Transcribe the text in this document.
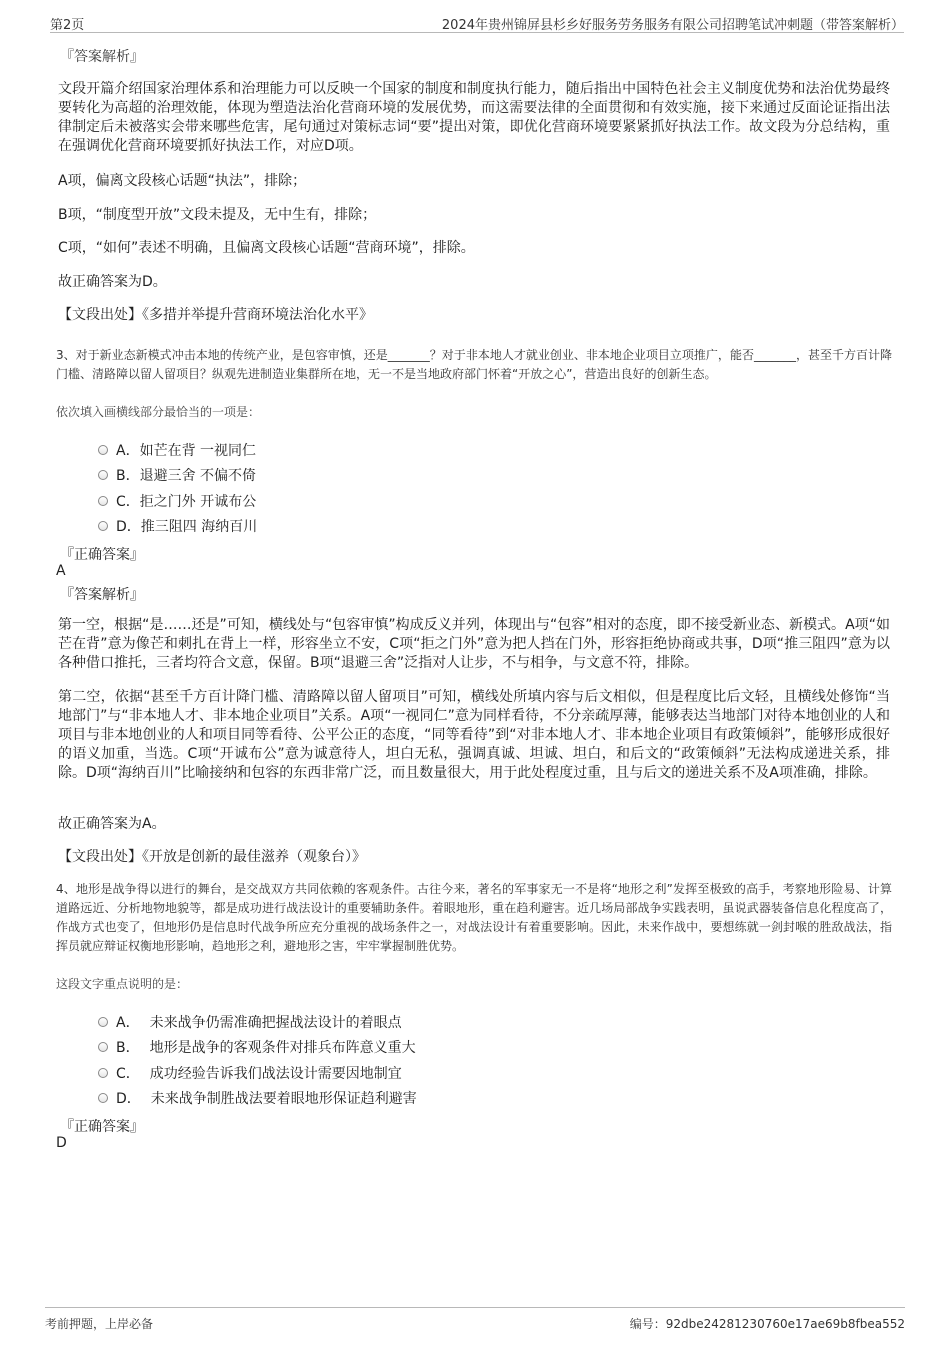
第2页	2024年贵州锦屏县杉乡好服务劳务服务有限公司招聘笔试冲刺题（带答案解析）
『答案解析』
文段开篇介绍国家治理体系和治理能力可以反映一个国家的制度和制度执行能力，随后指出中国特色社会主义制度优势和法治优势最终要转化为高超的治理效能，体现为塑造法治化营商环境的发展优势，而这需要法律的全面贯彻和有效实施，接下来通过反面论证指出法律制定后未被落实会带来哪些危害，尾句通过对策标志词“要”提出对策，即优化营商环境要紧紧抓好执法工作。故文段为分总结构，重在强调优化营商环境要抓好执法工作，对应D项。
A项，偏离文段核心话题“执法”，排除；
B项，“制度型开放”文段未提及，无中生有，排除；
C项，“如何”表述不明确，且偏离文段核心话题“营商环境”，排除。
故正确答案为D。
【文段出处】《多措并举提升营商环境法治化水平》
3、对于新业态新模式冲击本地的传统产业，是包容审慎，还是_______？对于非本地人才就业创业、非本地企业项目立项推广，能否_______，甚至千方百计降门槛、清路障以留人留项目？纵观先进制造业集群所在地，无一不是当地政府部门怀着“开放之心”，营造出良好的创新生态。
依次填入画横线部分最恰当的一项是：
A．如芒在背 一视同仁
B．退避三舍 不偏不倚
C．拒之门外 开诚布公
D．推三阻四 海纳百川
『正确答案』
A
『答案解析』
第一空，根据“是……还是”可知，横线处与“包容审慎”构成反义并列，体现出与“包容”相对的态度，即不接受新业态、新模式。A项“如芒在背”意为像芒和刺扎在背上一样，形容坐立不安，C项“拒之门外”意为把人挡在门外，形容拒绝协商或共事，D项“推三阻四”意为以各种借口推托，三者均符合文意，保留。B项“退避三舍”泛指对人让步，不与相争，与文意不符，排除。
第二空，依据“甚至千方百计降门槛、清路障以留人留项目”可知，横线处所填内容与后文相似，但是程度比后文轻，且横线处修饰“当地部门”与“非本地人才、非本地企业项目”关系。A项“一视同仁”意为同样看待，不分亲疏厚薄，能够表达当地部门对待本地创业的人和项目与非本地创业的人和项目同等看待、公平公正的态度，“同等看待”到“对非本地人才、非本地企业项目有政策倾斜”，能够形成很好的语义加重，当选。C项“开诚布公”意为诚意待人，坦白无私，强调真诚、坦诚、坦白，和后文的“政策倾斜”无法构成递进关系，排除。D项“海纳百川”比喻接纳和包容的东西非常广泛，而且数量很大，用于此处程度过重，且与后文的递进关系不及A项准确，排除。
故正确答案为A。
【文段出处】《开放是创新的最佳滋养（观象台）》
4、地形是战争得以进行的舞台，是交战双方共同依赖的客观条件。古往今来，著名的军事家无一不是将“地形之利”发挥至极致的高手，考察地形险易、计算道路远近、分析地物地貌等，都是成功进行战法设计的重要辅助条件。着眼地形，重在趋利避害。近几场局部战争实践表明，虽说武器装备信息化程度高了，作战方式也变了，但地形仍是信息时代战争所应充分重视的战场条件之一，对战法设计有着重要影响。因此，未来作战中，要想练就一剑封喉的胜敌战法，指挥员就应辩证权衡地形影响，趋地形之利，避地形之害，牢牢掌握制胜优势。
这段文字重点说明的是：
A． 未来战争仍需准确把握战法设计的着眼点
B． 地形是战争的客观条件对排兵布阵意义重大
C． 成功经验告诉我们战法设计需要因地制宜
D． 未来战争制胜战法要着眼地形保证趋利避害
『正确答案』
D
考前押题，上岸必备	编号：92dbe24281230760e17ae69b8fbea552
